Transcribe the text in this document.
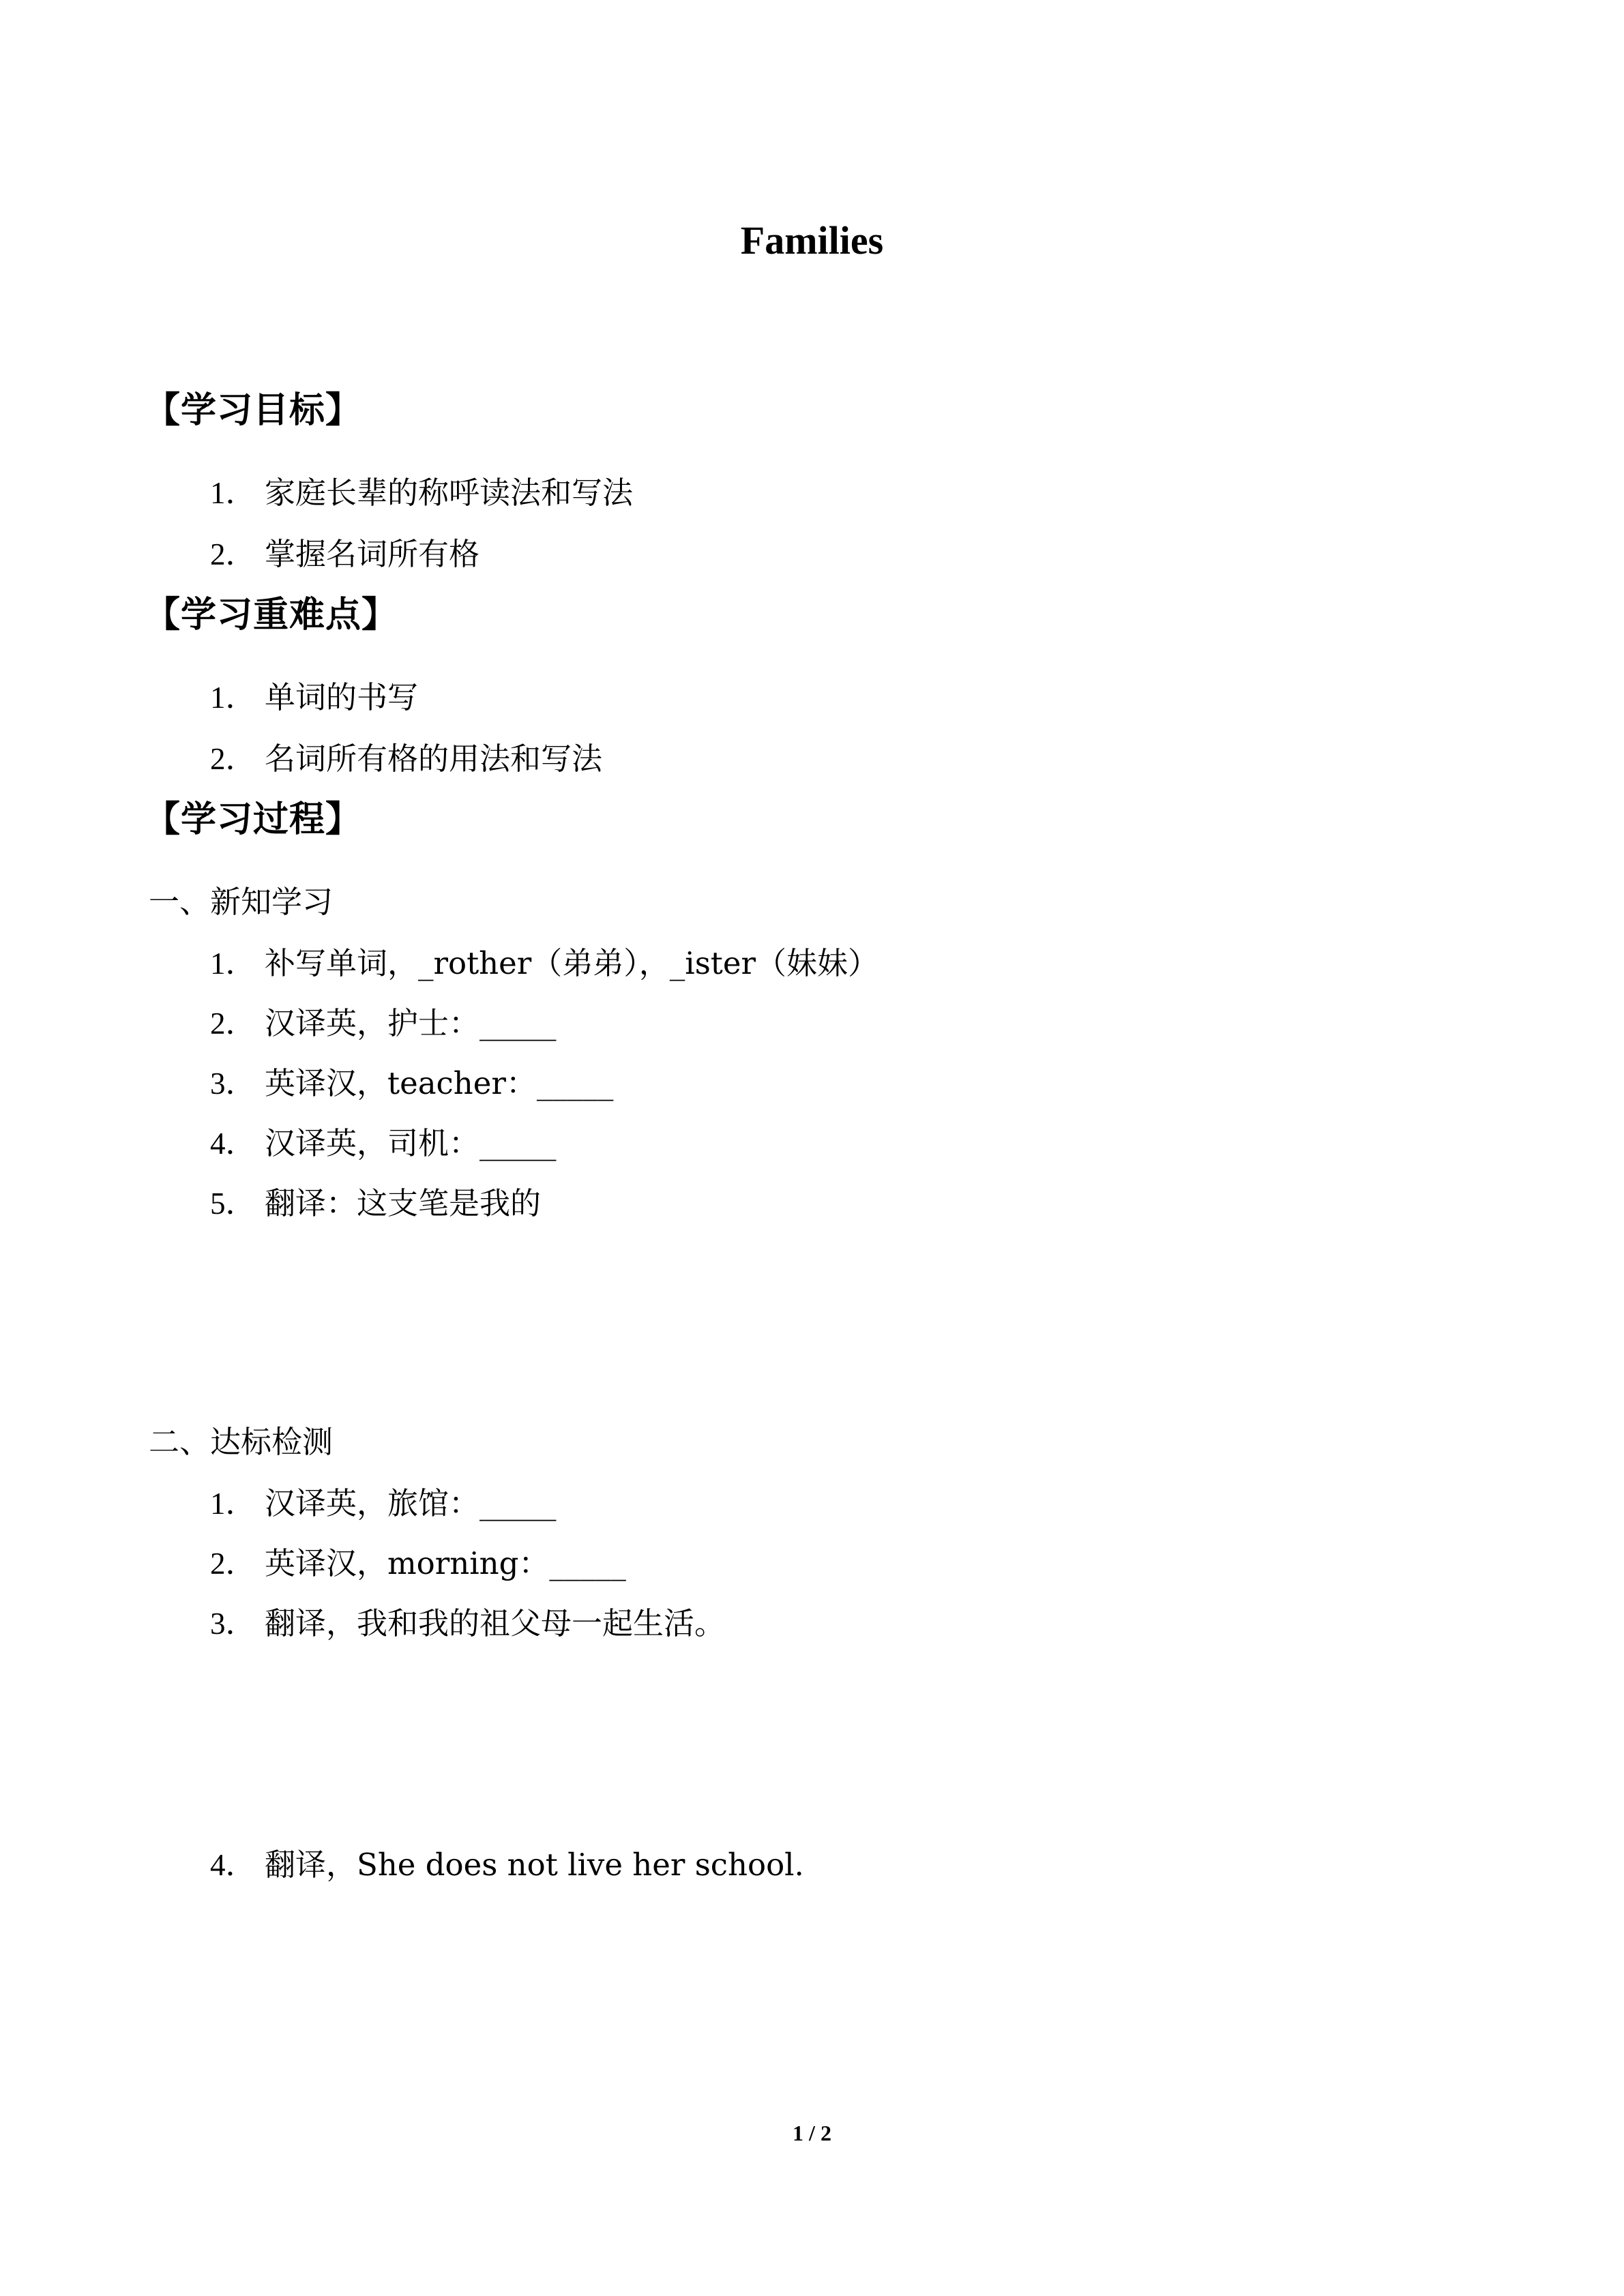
Families
【学习目标】
1． 家庭长辈的称呼读法和写法
2． 掌握名词所有格
【学习重难点】
1． 单词的书写
2． 名词所有格的用法和写法
【学习过程】
一、新知学习
1． 补写单词，_rother（弟弟），_ister（妹妹）
2． 汉译英，护士：_____
3． 英译汉，teacher：_____
4． 汉译英，司机：_____
5． 翻译：这支笔是我的
二、达标检测
1． 汉译英，旅馆：_____
2． 英译汉，morning：_____
3． 翻译，我和我的祖父母一起生活。
4． 翻译，She does not live her school.
1 / 2
